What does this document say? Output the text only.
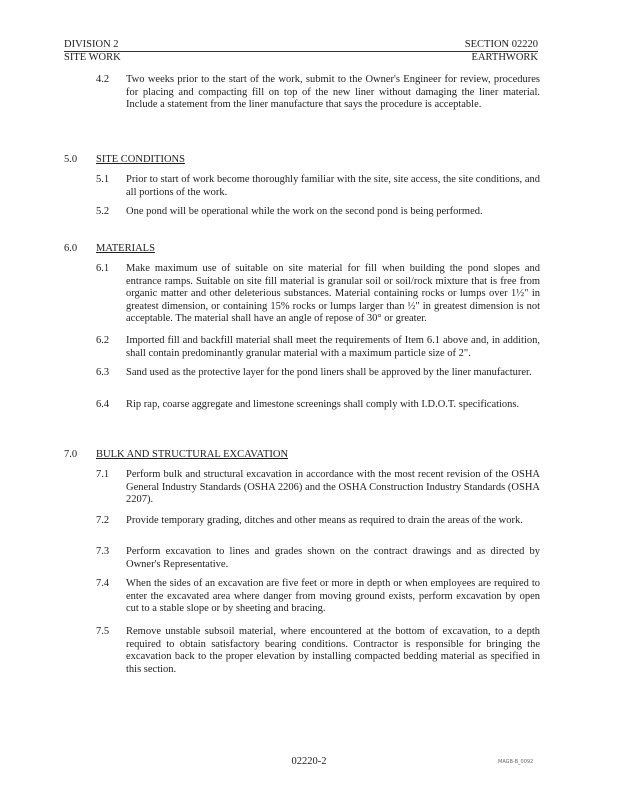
DIVISION 2	SECTION 02220
SITE WORK	EARTHWORK
4.2	Two weeks prior to the start of the work, submit to the Owner's Engineer for review, procedures for placing and compacting fill on top of the new liner without damaging the liner material. Include a statement from the liner manufacture that says the procedure is acceptable.
5.0 SITE CONDITIONS
5.1	Prior to start of work become thoroughly familiar with the site, site access, the site conditions, and all portions of the work.
5.2	One pond will be operational while the work on the second pond is being performed.
6.0 MATERIALS
6.1	Make maximum use of suitable on site material for fill when building the pond slopes and entrance ramps. Suitable on site fill material is granular soil or soil/rock mixture that is free from organic matter and other deleterious substances. Material containing rocks or lumps over 1½" in greatest dimension, or containing 15% rocks or lumps larger than ½" in greatest dimension is not acceptable. The material shall have an angle of repose of 30° or greater.
6.2	Imported fill and backfill material shall meet the requirements of Item 6.1 above and, in addition, shall contain predominantly granular material with a maximum particle size of 2".
6.3	Sand used as the protective layer for the pond liners shall be approved by the liner manufacturer.
6.4	Rip rap, coarse aggregate and limestone screenings shall comply with I.D.O.T. specifications.
7.0 BULK AND STRUCTURAL EXCAVATION
7.1	Perform bulk and structural excavation in accordance with the most recent revision of the OSHA General Industry Standards (OSHA 2206) and the OSHA Construction Industry Standards (OSHA 2207).
7.2	Provide temporary grading, ditches and other means as required to drain the areas of the work.
7.3	Perform excavation to lines and grades shown on the contract drawings and as directed by Owner's Representative.
7.4	When the sides of an excavation are five feet or more in depth or when employees are required to enter the excavated area where danger from moving ground exists, perform excavation by open cut to a stable slope or by sheeting and bracing.
7.5	Remove unstable subsoil material, where encountered at the bottom of excavation, to a depth required to obtain satisfactory bearing conditions. Contractor is responsible for bringing the excavation back to the proper elevation by installing compacted bedding material as specified in this section.
02220-2	MAGB-B_0092
